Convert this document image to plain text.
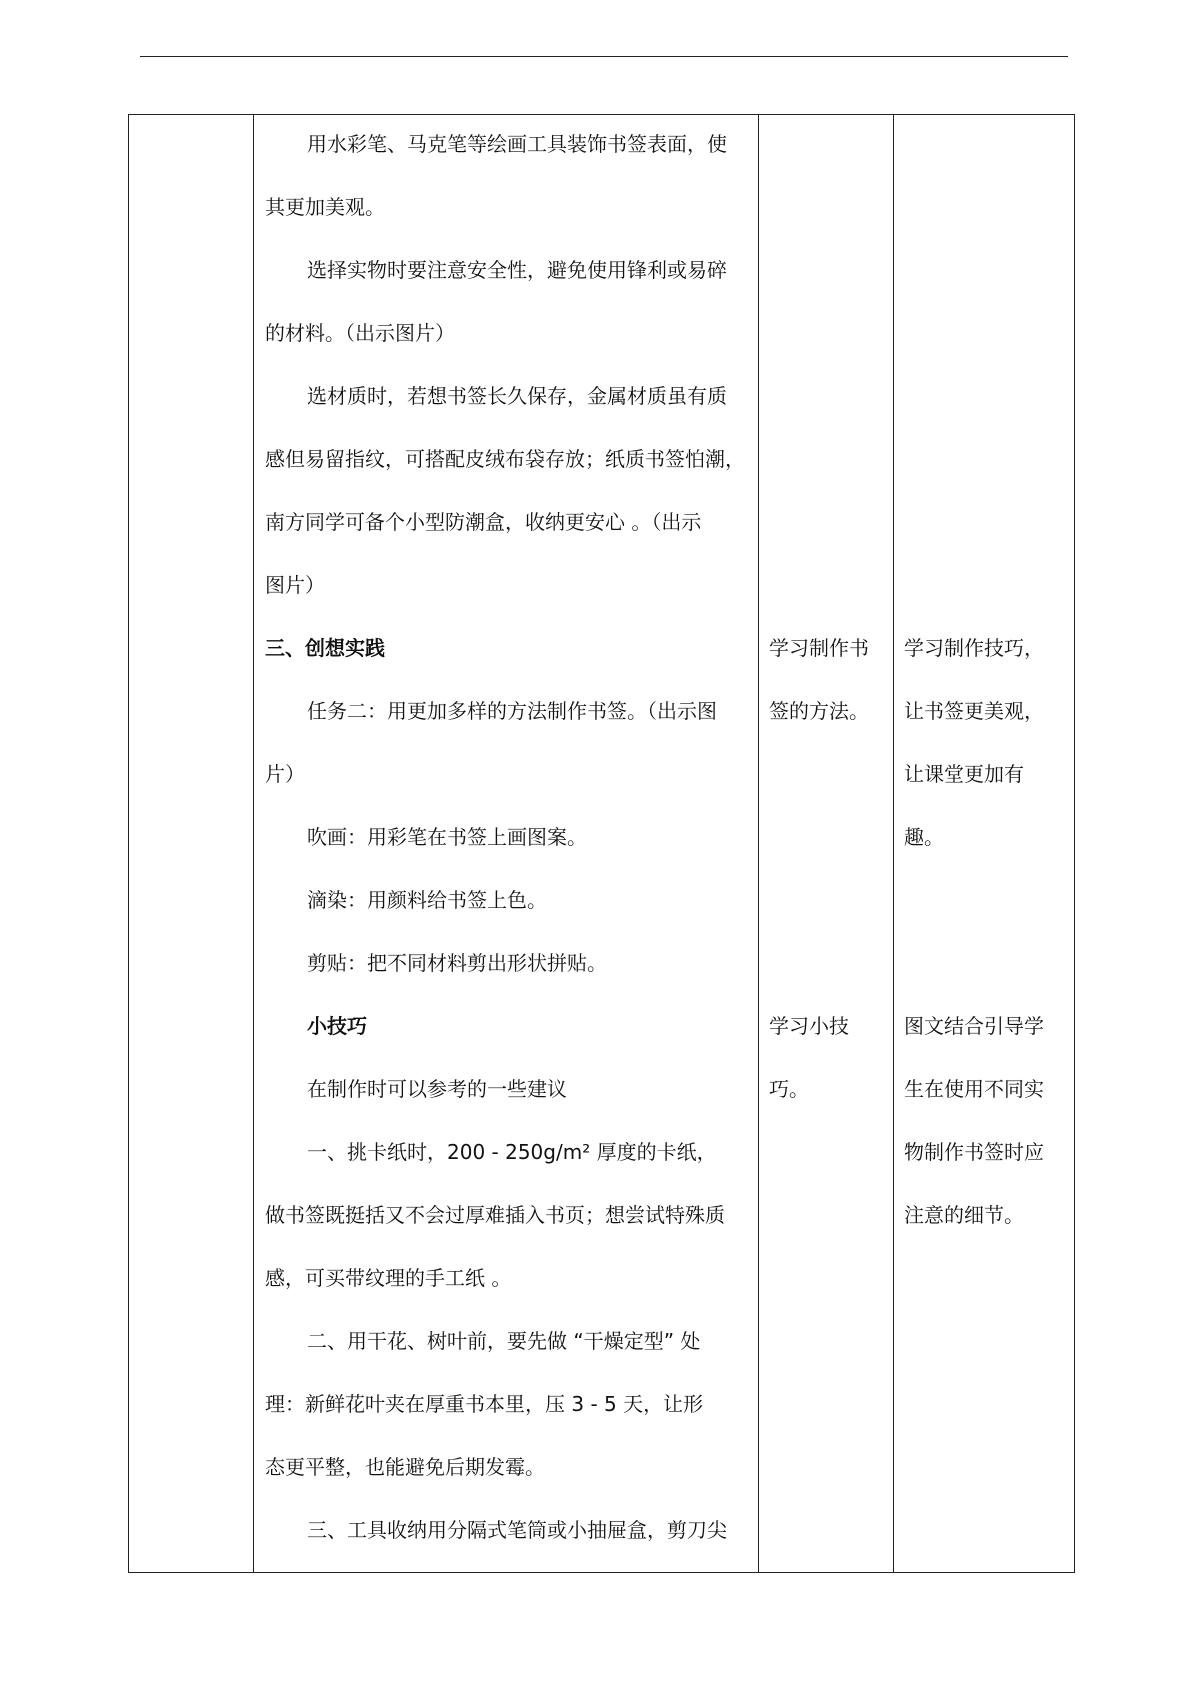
用水彩笔、马克笔等绘画工具装饰书签表面，使

其更加美观。

选择实物时要注意安全性，避免使用锋利或易碎

的材料。（出示图片）

选材质时，若想书签长久保存，金属材质虽有质

感但易留指纹，可搭配皮绒布袋存放；纸质书签怕潮，

南方同学可备个小型防潮盒，收纳更安心 。（出示

图片）

三、创想实践

任务二：用更加多样的方法制作书签。（出示图

片）

吹画：用彩笔在书签上画图案。

滴染：用颜料给书签上色。

剪贴：把不同材料剪出形状拼贴。

小技巧

在制作时可以参考的一些建议

一、挑卡纸时，200 - 250g/m² 厚度的卡纸，

做书签既挺括又不会过厚难插入书页；想尝试特殊质

感，可买带纹理的手工纸 。

二、用干花、树叶前，要先做 “干燥定型” 处

理：新鲜花叶夹在厚重书本里，压 3 - 5 天，让形

态更平整，也能避免后期发霉。

三、工具收纳用分隔式笔筒或小抽屉盒，剪刀尖

学习制作书

签的方法。

学习小技

巧。

学习制作技巧，

让书签更美观，

让课堂更加有

趣。

图文结合引导学

生在使用不同实

物制作书签时应

注意的细节。
